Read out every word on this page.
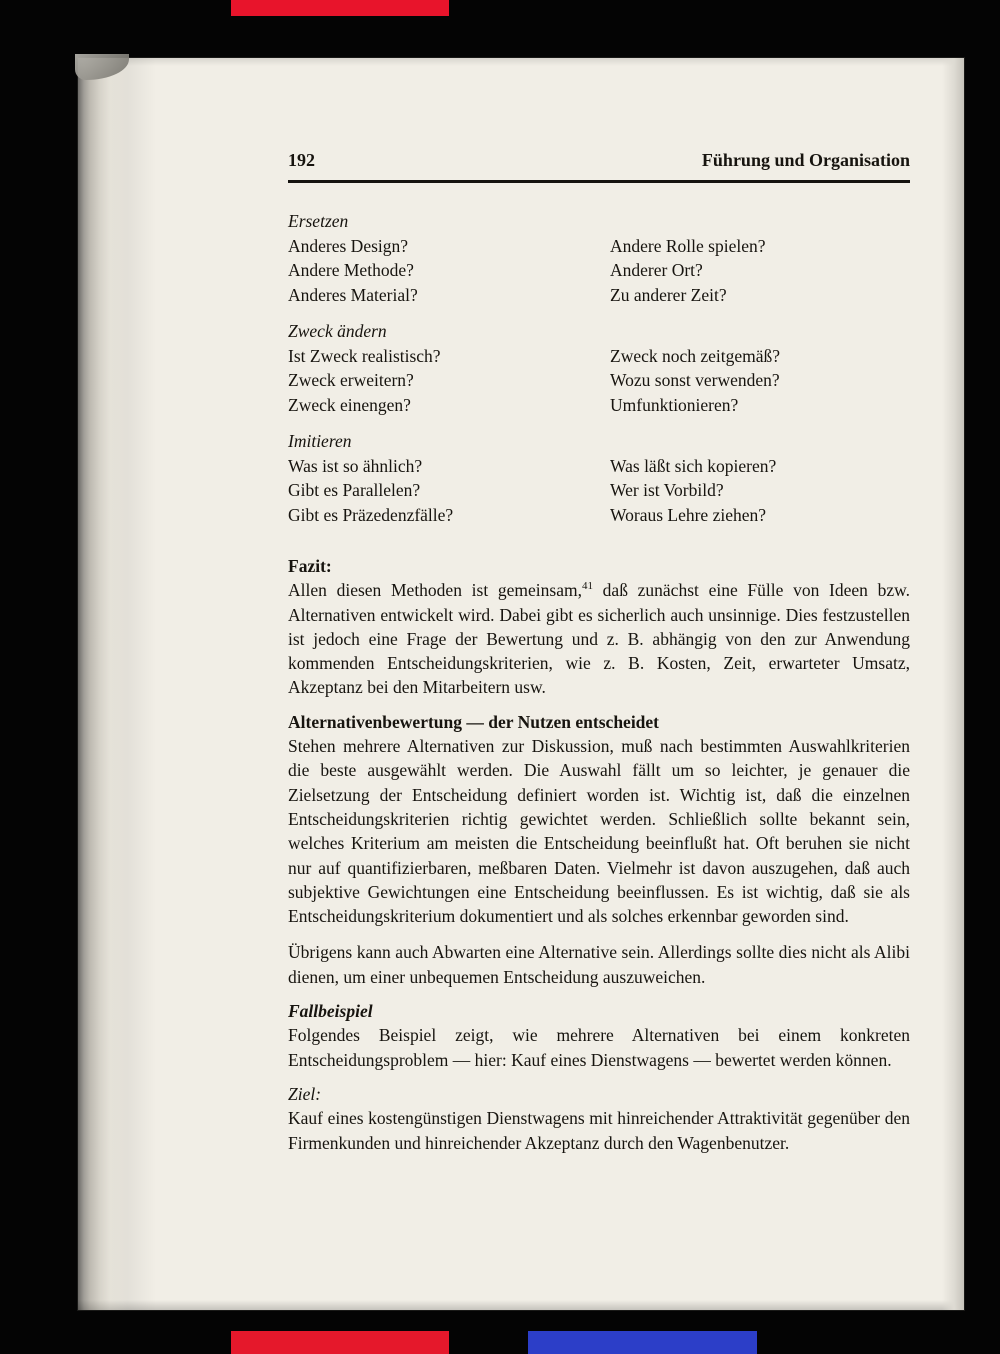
192	Führung und Organisation
Ersetzen
Anderes Design?
Andere Methode?
Anderes Material?
Andere Rolle spielen?
Anderer Ort?
Zu anderer Zeit?
Zweck ändern
Ist Zweck realistisch?
Zweck erweitern?
Zweck einengen?
Zweck noch zeitgemäß?
Wozu sonst verwenden?
Umfunktionieren?
Imitieren
Was ist so ähnlich?
Gibt es Parallelen?
Gibt es Präzedenzfälle?
Was läßt sich kopieren?
Wer ist Vorbild?
Woraus Lehre ziehen?
Fazit:

Allen diesen Methoden ist gemeinsam,$^{41}$ daß zunächst eine Fülle von Ideen bzw. Alternativen entwickelt wird. Dabei gibt es sicherlich auch unsinnige. Dies festzustellen ist jedoch eine Frage der Bewertung und z. B. abhängig von den zur Anwendung kommenden Entscheidungskriterien, wie z. B. Kosten, Zeit, erwarteter Umsatz, Akzeptanz bei den Mitarbeitern usw.

Alternativenbewertung — der Nutzen entscheidet

Stehen mehrere Alternativen zur Diskussion, muß nach bestimmten Auswahlkriterien die beste ausgewählt werden. Die Auswahl fällt um so leichter, je genauer die Zielsetzung der Entscheidung definiert worden ist. Wichtig ist, daß die einzelnen Entscheidungskriterien richtig gewichtet werden. Schließlich sollte bekannt sein, welches Kriterium am meisten die Entscheidung beeinflußt hat. Oft beruhen sie nicht nur auf quantifizierbaren, meßbaren Daten. Vielmehr ist davon auszugehen, daß auch subjektive Gewichtungen eine Entscheidung beeinflussen. Es ist wichtig, daß sie als Entscheidungskriterium dokumentiert und als solches erkennbar geworden sind.

Übrigens kann auch Abwarten eine Alternative sein. Allerdings sollte dies nicht als Alibi dienen, um einer unbequemen Entscheidung auszuweichen.

Fallbeispiel

Folgendes Beispiel zeigt, wie mehrere Alternativen bei einem konkreten Entscheidungsproblem — hier: Kauf eines Dienstwagens — bewertet werden können.

Ziel:

Kauf eines kostengünstigen Dienstwagens mit hinreichender Attraktivität gegenüber den Firmenkunden und hinreichender Akzeptanz durch den Wagenbenutzer.
